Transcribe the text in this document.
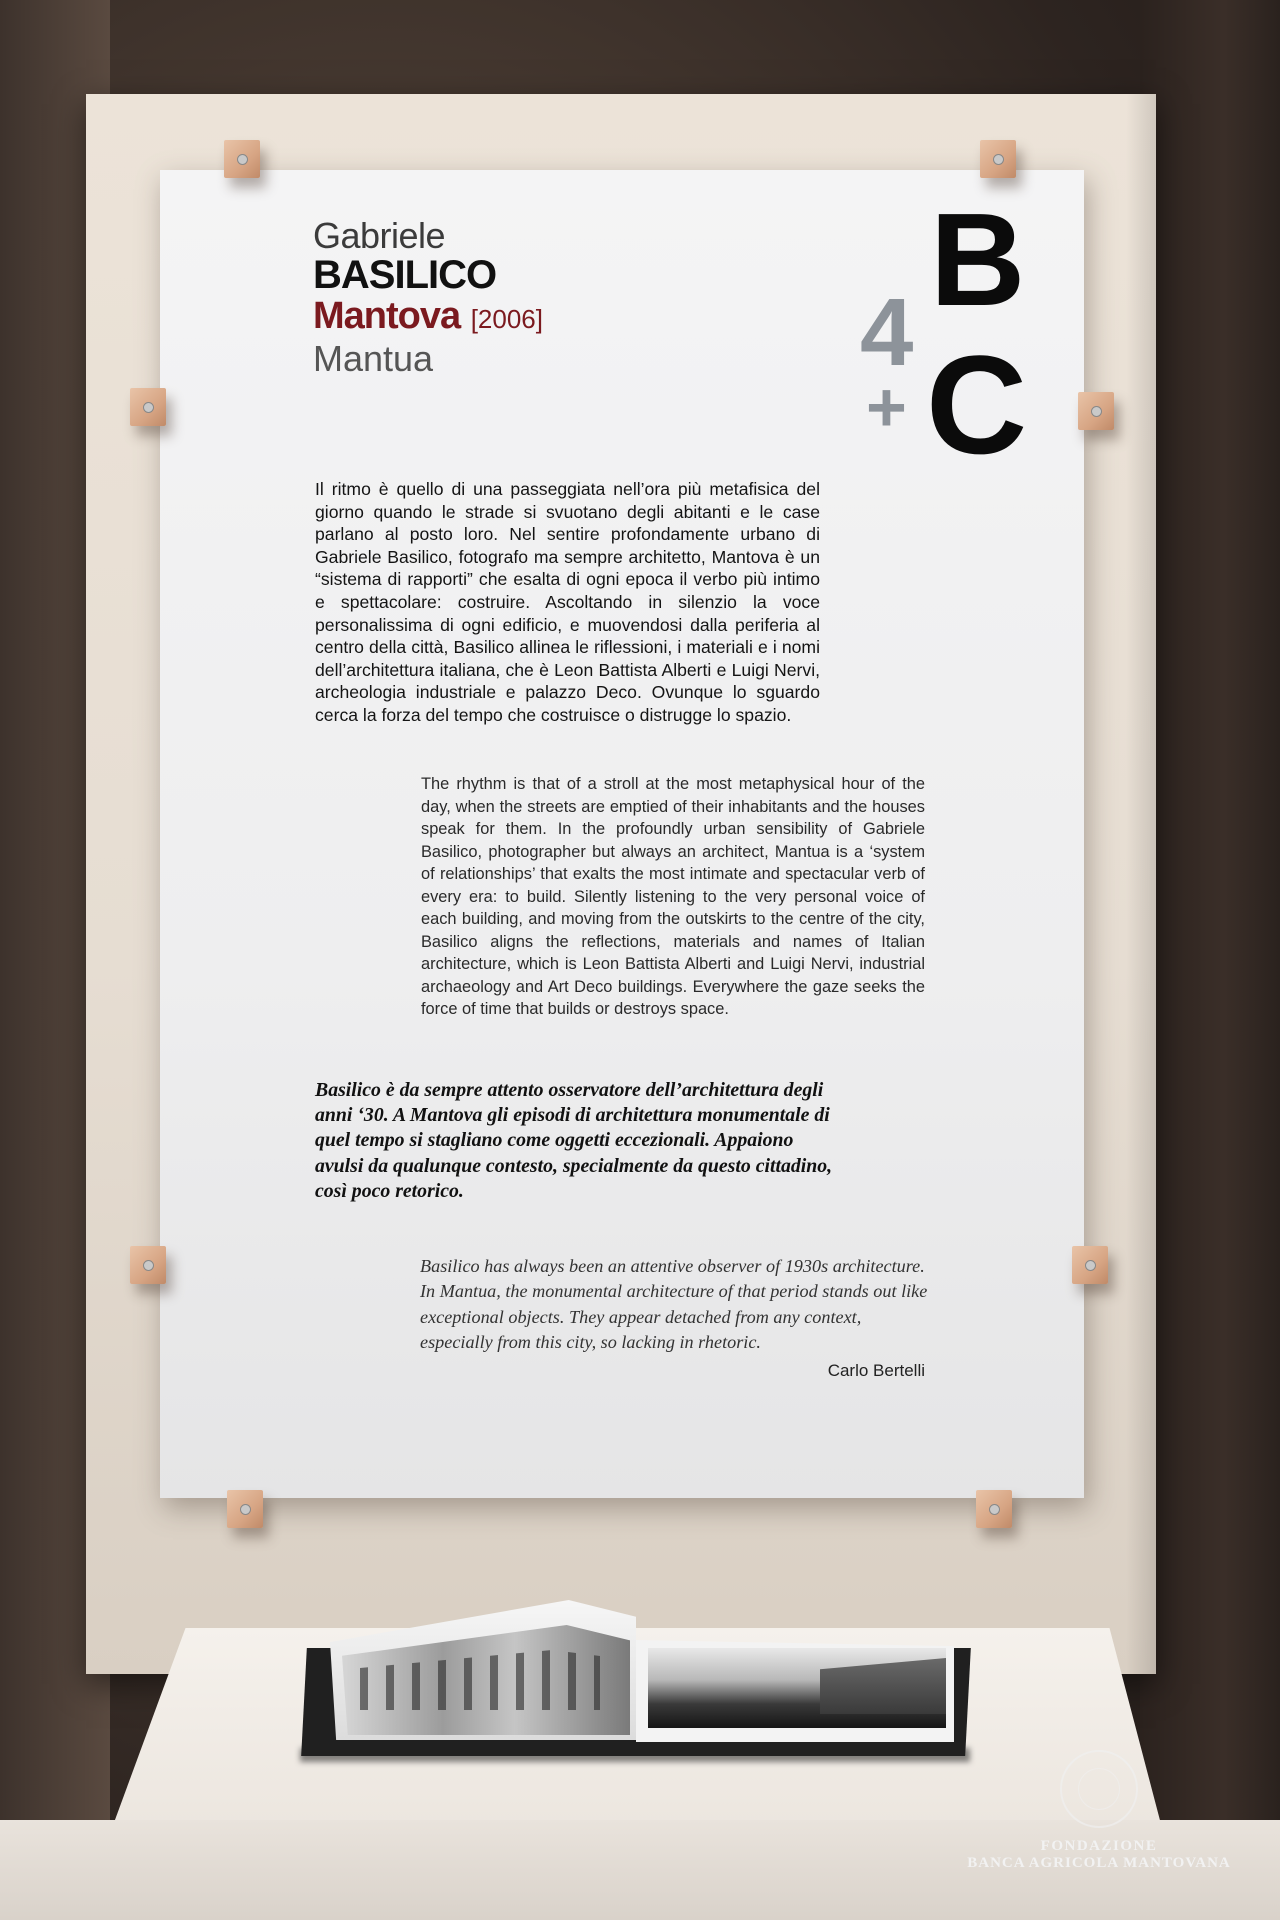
Gabriele
BASILICO
Mantova [2006]
Mantua	4
+
B
C
Il ritmo è quello di una passeggiata nell’ora più metafisica del giorno quando le strade si svuotano degli abitanti e le case parlano al posto loro. Nel sentire profondamente urbano di Gabriele Basilico, fotografo ma sempre architetto, Mantova è un “sistema di rapporti” che esalta di ogni epoca il verbo più intimo e spettacolare: costruire. Ascoltando in silenzio la voce personalissima di ogni edificio, e muovendosi dalla periferia al centro della città, Basilico allinea le riflessioni, i materiali e i nomi dell’architettura italiana, che è Leon Battista Alberti e Luigi Nervi, archeologia industriale e palazzo Deco. Ovunque lo sguardo cerca la forza del tempo che costruisce o distrugge lo spazio.
The rhythm is that of a stroll at the most metaphysical hour of the day, when the streets are emptied of their inhabitants and the houses speak for them. In the profoundly urban sensibility of Gabriele Basilico, photographer but always an architect, Mantua is a ‘system of relationships’ that exalts the most intimate and spectacular verb of every era: to build. Silently listening to the very personal voice of each building, and moving from the outskirts to the centre of the city, Basilico aligns the reflections, materials and names of Italian architecture, which is Leon Battista Alberti and Luigi Nervi, industrial archaeology and Art Deco buildings. Everywhere the gaze seeks the force of time that builds or destroys space.
Basilico è da sempre attento osservatore dell’architettura degli anni ‘30. A Mantova gli episodi di architettura monumentale di quel tempo si stagliano come oggetti eccezionali. Appaiono avulsi da qualunque contesto, specialmente da questo cittadino, così poco retorico.
Basilico has always been an attentive observer of 1930s architecture. In Mantua, the monumental architecture of that period stands out like exceptional objects. They appear detached from any context, especially from this city, so lacking in rhetoric.
Carlo Bertelli
FONDAZIONE
BANCA AGRICOLA MANTOVANA
